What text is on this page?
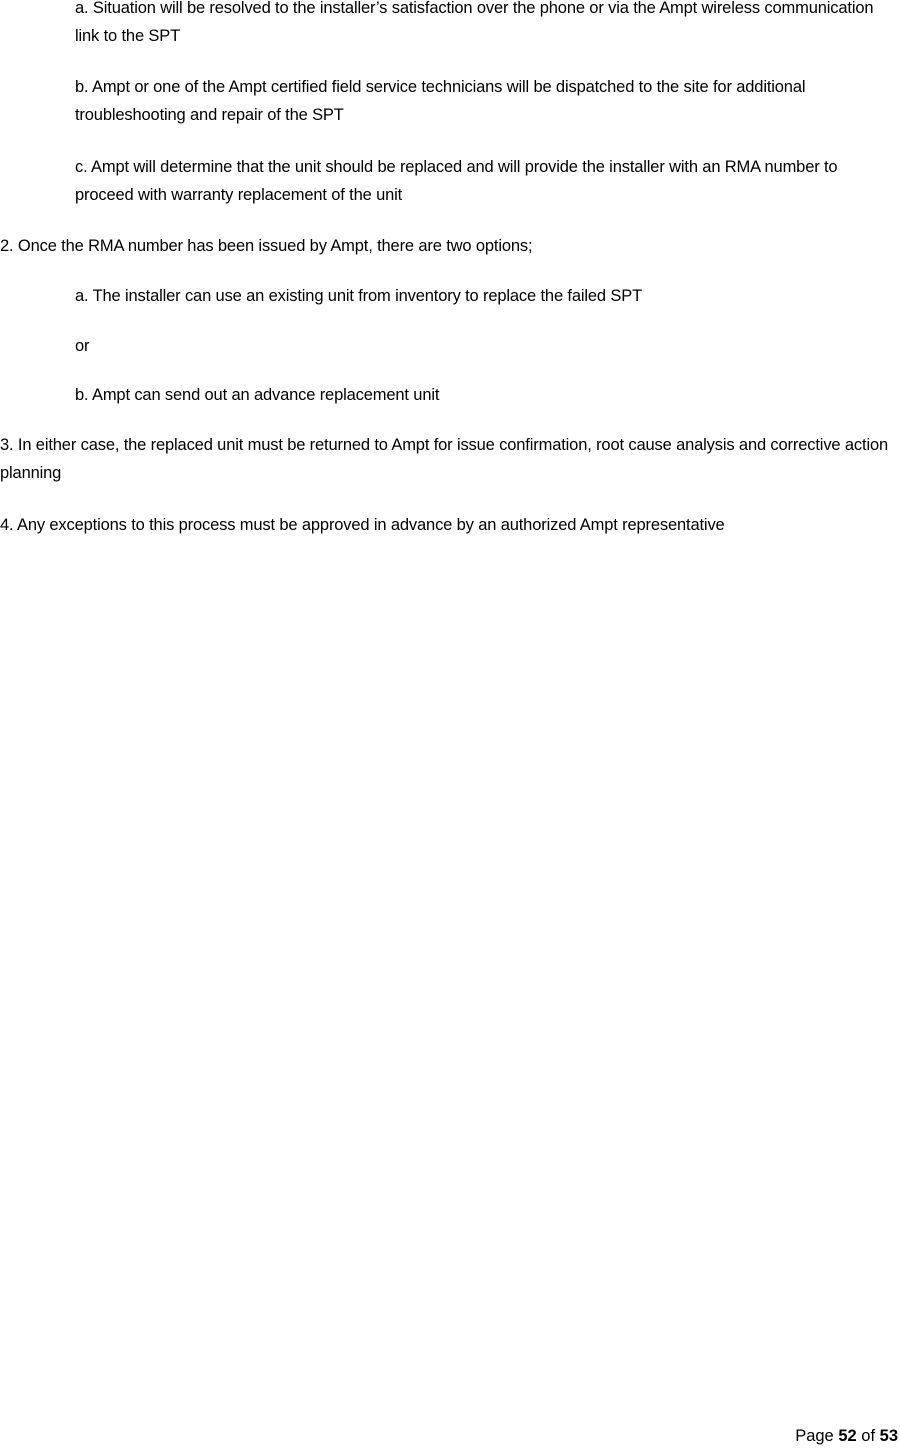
a. Situation will be resolved to the installer’s satisfaction over the phone or via the Ampt wireless communication link to the SPT

b. Ampt or one of the Ampt certified field service technicians will be dispatched to the site for additional troubleshooting and repair of the SPT

c. Ampt will determine that the unit should be replaced and will provide the installer with an RMA number to proceed with warranty replacement of the unit

2. Once the RMA number has been issued by Ampt, there are two options;

a. The installer can use an existing unit from inventory to replace the failed SPT

or

b. Ampt can send out an advance replacement unit

3. In either case, the replaced unit must be returned to Ampt for issue confirmation, root cause analysis and corrective action planning

4. Any exceptions to this process must be approved in advance by an authorized Ampt representative

Page 52 of 53
